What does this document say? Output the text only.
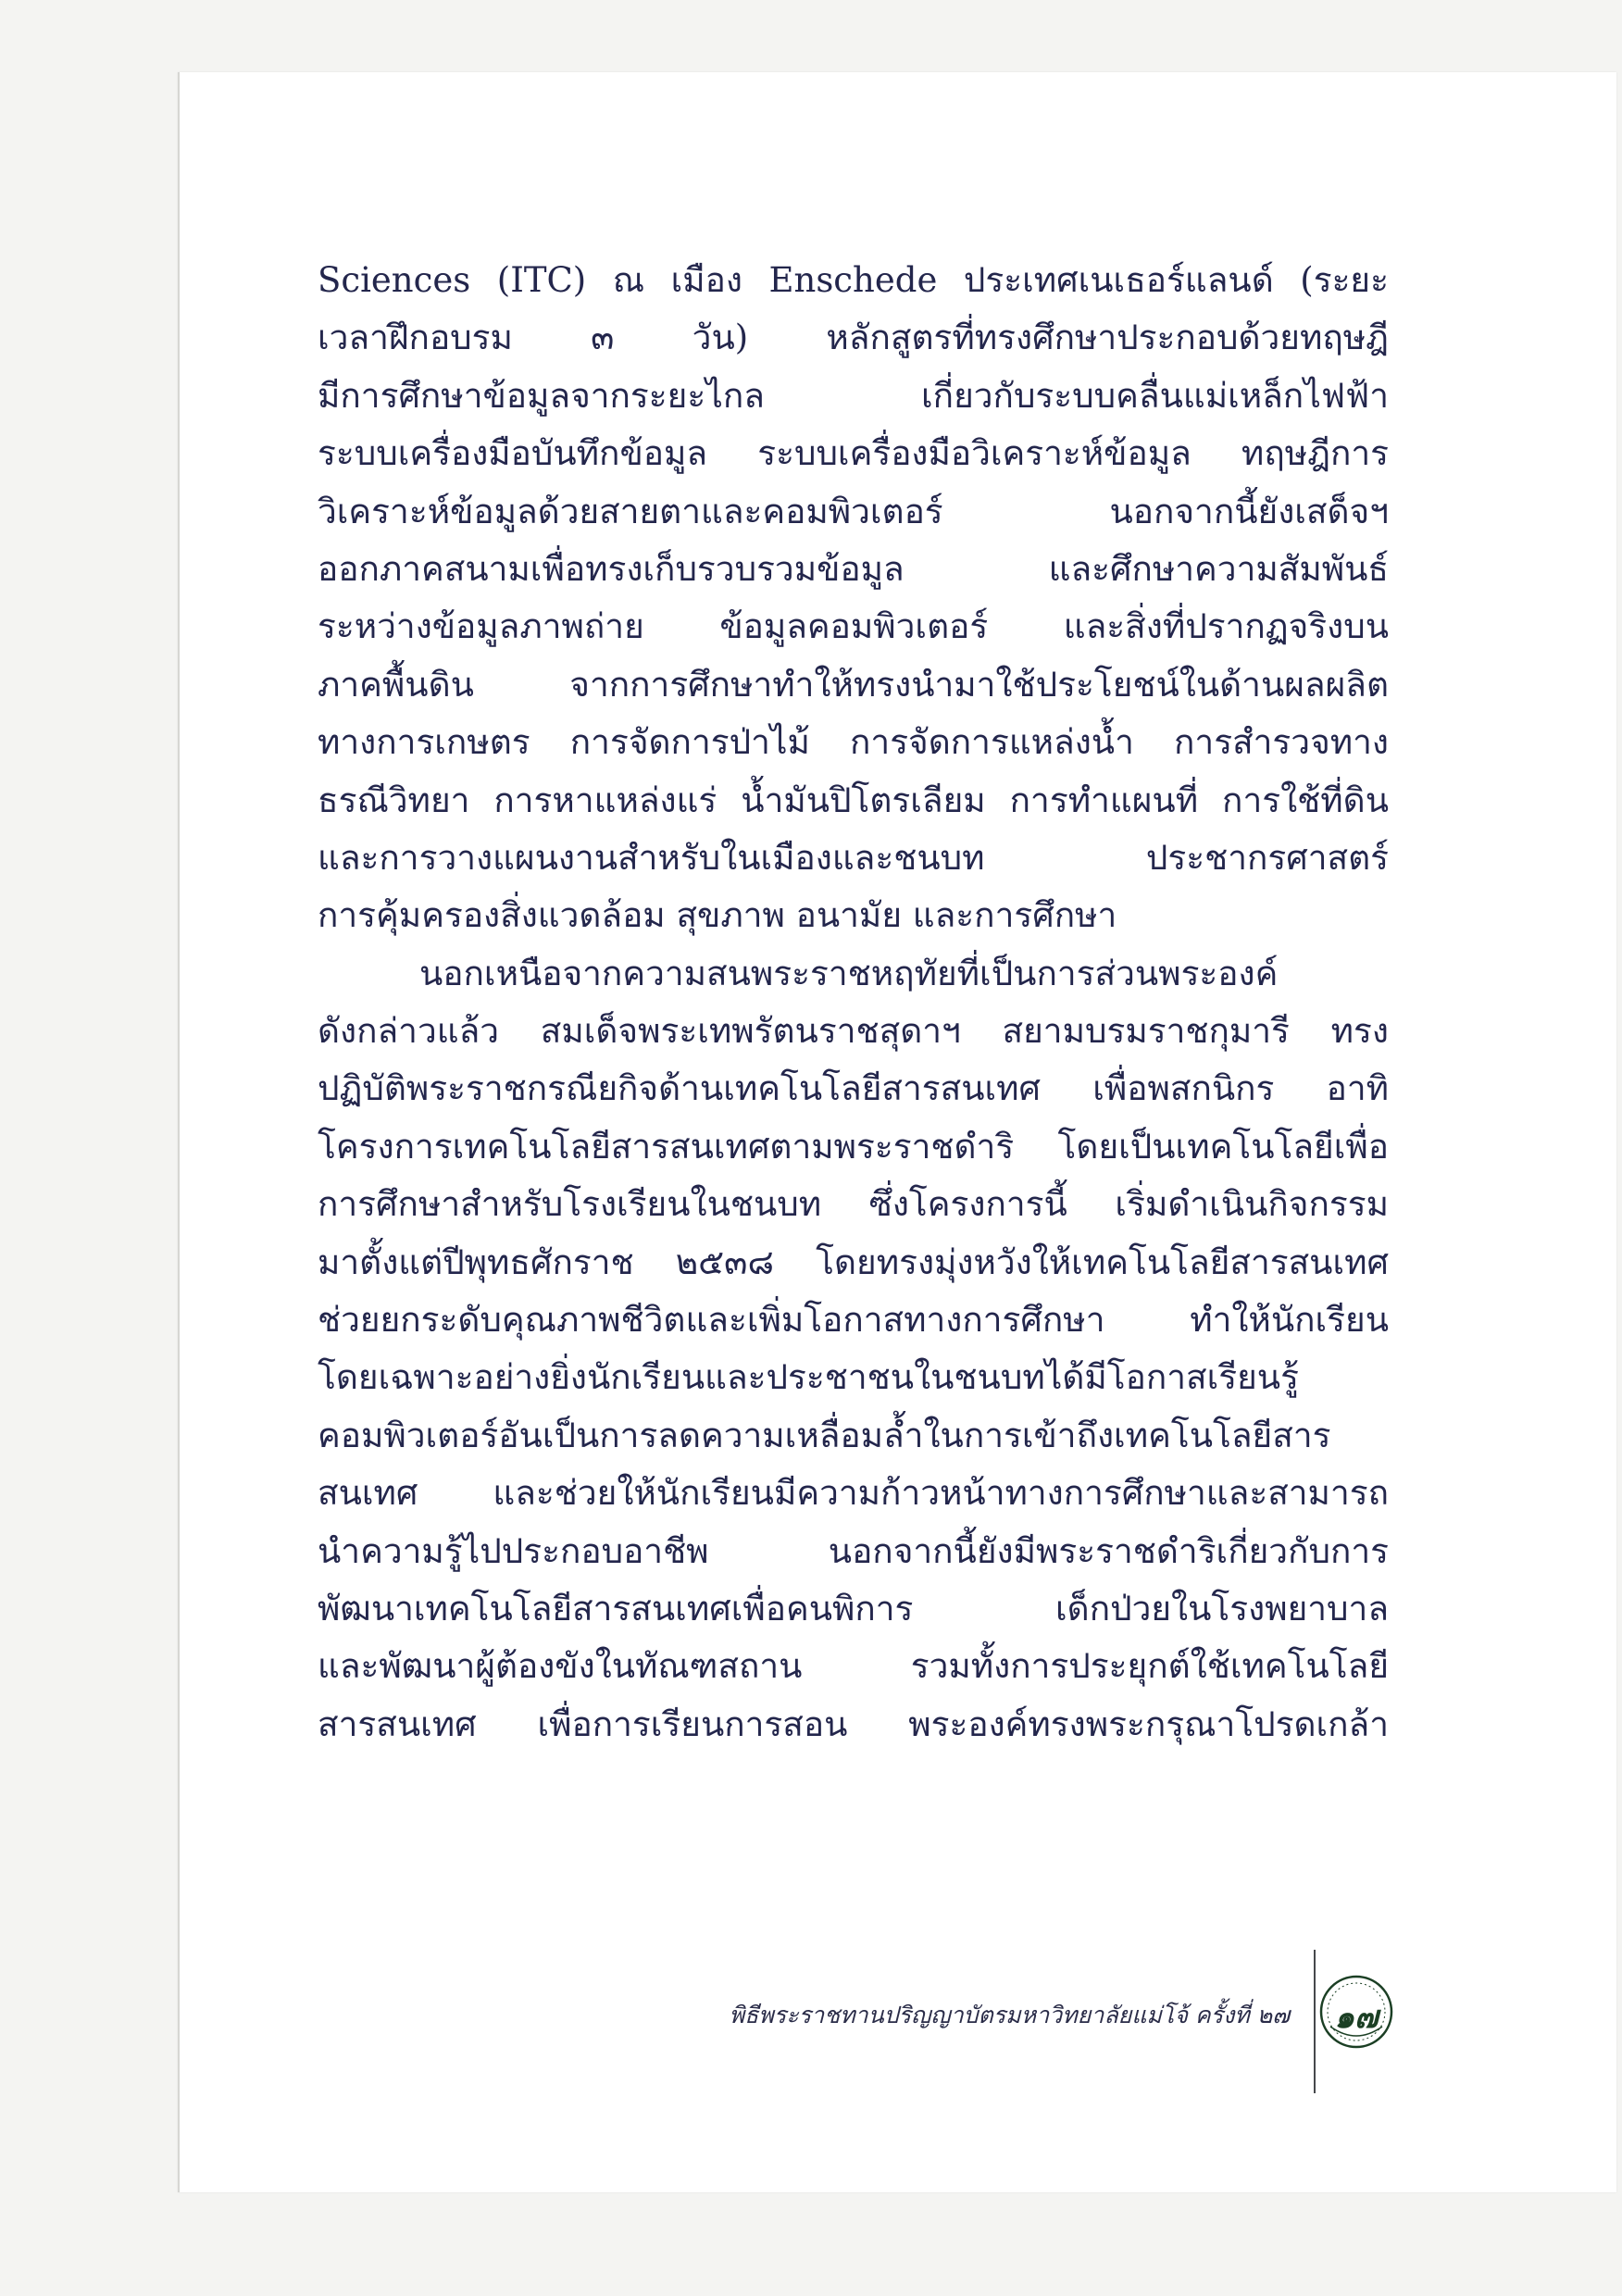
Sciences (ITC) ณ เมือง Enschede ประเทศเนเธอร์แลนด์ (ระยะ
เวลาฝึกอบรม ๓ วัน) หลักสูตรที่ทรงศึกษาประกอบด้วยทฤษฎี
มีการศึกษาข้อมูลจากระยะไกล เกี่ยวกับระบบคลื่นแม่เหล็กไฟฟ้า
ระบบเครื่องมือบันทึกข้อมูล ระบบเครื่องมือวิเคราะห์ข้อมูล ทฤษฎีการ
วิเคราะห์ข้อมูลด้วยสายตาและคอมพิวเตอร์ นอกจากนี้ยังเสด็จฯ
ออกภาคสนามเพื่อทรงเก็บรวบรวมข้อมูล และศึกษาความสัมพันธ์
ระหว่างข้อมูลภาพถ่าย ข้อมูลคอมพิวเตอร์ และสิ่งที่ปรากฏจริงบน
ภาคพื้นดิน จากการศึกษาทำให้ทรงนำมาใช้ประโยชน์ในด้านผลผลิต
ทางการเกษตร การจัดการป่าไม้ การจัดการแหล่งน้ำ การสำรวจทาง
ธรณีวิทยา การหาแหล่งแร่ น้ำมันปิโตรเลียม การทำแผนที่ การใช้ที่ดิน
และการวางแผนงานสำหรับในเมืองและชนบท ประชากรศาสตร์
การคุ้มครองสิ่งแวดล้อม สุขภาพ อนามัย และการศึกษา
นอกเหนือจากความสนพระราชหฤทัยที่เป็นการส่วนพระองค์
ดังกล่าวแล้ว สมเด็จพระเทพรัตนราชสุดาฯ สยามบรมราชกุมารี ทรง
ปฏิบัติพระราชกรณียกิจด้านเทคโนโลยีสารสนเทศ เพื่อพสกนิกร อาทิ
โครงการเทคโนโลยีสารสนเทศตามพระราชดำริ โดยเป็นเทคโนโลยีเพื่อ
การศึกษาสำหรับโรงเรียนในชนบท ซึ่งโครงการนี้ เริ่มดำเนินกิจกรรม
มาตั้งแต่ปีพุทธศักราช ๒๕๓๘ โดยทรงมุ่งหวังให้เทคโนโลยีสารสนเทศ
ช่วยยกระดับคุณภาพชีวิตและเพิ่มโอกาสทางการศึกษา ทำให้นักเรียน
โดยเฉพาะอย่างยิ่งนักเรียนและประชาชนในชนบทได้มีโอกาสเรียนรู้
คอมพิวเตอร์อันเป็นการลดความเหลื่อมล้ำในการเข้าถึงเทคโนโลยีสาร
สนเทศ และช่วยให้นักเรียนมีความก้าวหน้าทางการศึกษาและสามารถ
นำความรู้ไปประกอบอาชีพ นอกจากนี้ยังมีพระราชดำริเกี่ยวกับการ
พัฒนาเทคโนโลยีสารสนเทศเพื่อคนพิการ เด็กป่วยในโรงพยาบาล
และพัฒนาผู้ต้องขังในทัณฑสถาน รวมทั้งการประยุกต์ใช้เทคโนโลยี
สารสนเทศ เพื่อการเรียนการสอน พระองค์ทรงพระกรุณาโปรดเกล้า
พิธีพระราชทานปริญญาบัตรมหาวิทยาลัยแม่โจ้ ครั้งที่ ๒๗	๑๗
